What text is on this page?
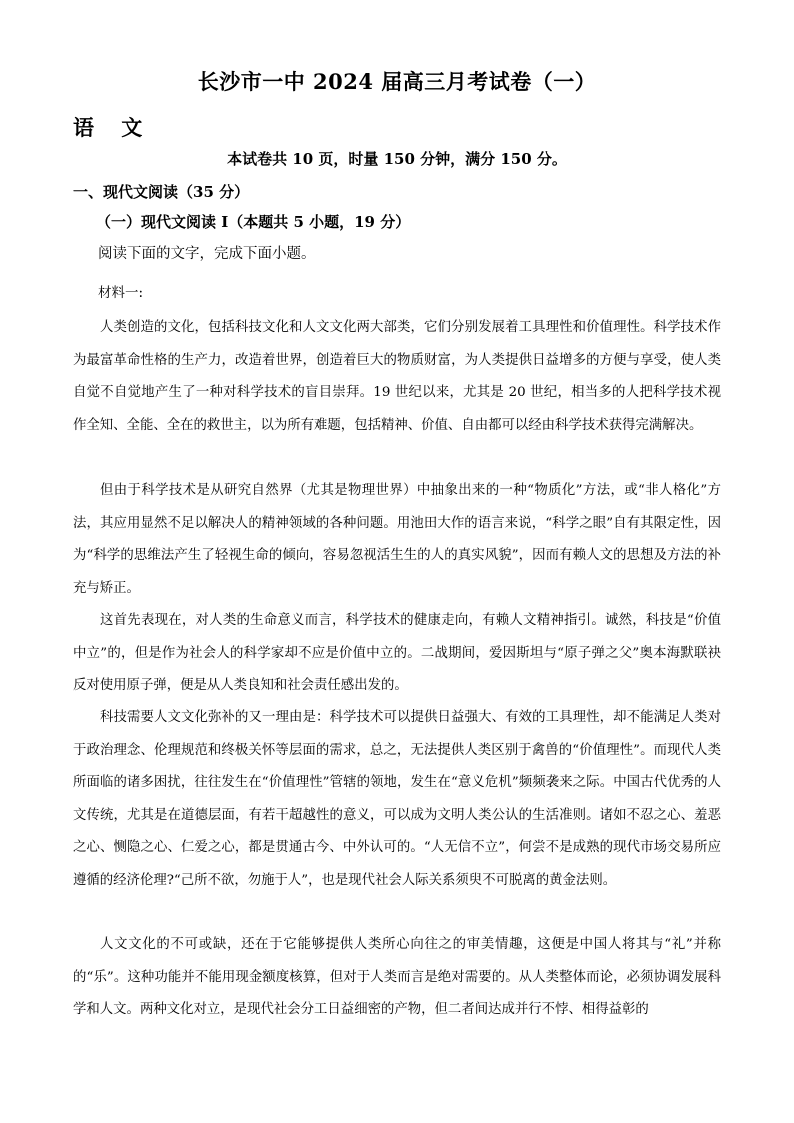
长沙市一中 2024 届高三月考试卷（一）
语 文
本试卷共 10 页，时量 150 分钟，满分 150 分。
一、现代文阅读（35 分）
（一）现代文阅读 I（本题共 5 小题，19 分）
阅读下面的文字，完成下面小题。
材料一:

人类创造的文化，包括科技文化和人文文化两大部类，它们分别发展着工具理性和价值理性。科学技术作为最富革命性格的生产力，改造着世界，创造着巨大的物质财富，为人类提供日益增多的方便与享受，使人类自觉不自觉地产生了一种对科学技术的盲目崇拜。19 世纪以来，尤其是 20 世纪，相当多的人把科学技术视作全知、全能、全在的救世主，以为所有难题，包括精神、价值、自由都可以经由科学技术获得完满解决。

但由于科学技术是从研究自然界（尤其是物理世界）中抽象出来的一种“物质化”方法，或“非人格化”方法，其应用显然不足以解决人的精神领域的各种问题。用池田大作的语言来说，“科学之眼”自有其限定性，因为“科学的思维法产生了轻视生命的倾向，容易忽视活生生的人的真实风貌”，因而有赖人文的思想及方法的补充与矫正。

这首先表现在，对人类的生命意义而言，科学技术的健康走向，有赖人文精神指引。诚然，科技是“价值中立”的，但是作为社会人的科学家却不应是价值中立的。二战期间，爱因斯坦与“原子弹之父”奥本海默联袂反对使用原子弹，便是从人类良知和社会责任感出发的。

科技需要人文文化弥补的又一理由是：科学技术可以提供日益强大、有效的工具理性，却不能满足人类对于政治理念、伦理规范和终极关怀等层面的需求，总之，无法提供人类区别于禽兽的“价值理性”。而现代人类所面临的诸多困扰，往往发生在“价值理性”管辖的领地，发生在“意义危机”频频袭来之际。中国古代优秀的人文传统，尤其是在道德层面，有若干超越性的意义，可以成为文明人类公认的生活准则。诸如不忍之心、羞恶之心、恻隐之心、仁爱之心，都是贯通古今、中外认可的。“人无信不立”，何尝不是成熟的现代市场交易所应遵循的经济伦理?“己所不欲，勿施于人”，也是现代社会人际关系须臾不可脱离的黄金法则。

人文文化的不可或缺，还在于它能够提供人类所心向往之的审美情趣，这便是中国人将其与“礼”并称的“乐”。这种功能并不能用现金额度核算，但对于人类而言是绝对需要的。从人类整体而论，必须协调发展科学和人文。两种文化对立，是现代社会分工日益细密的产物，但二者间达成并行不悖、相得益彰的
